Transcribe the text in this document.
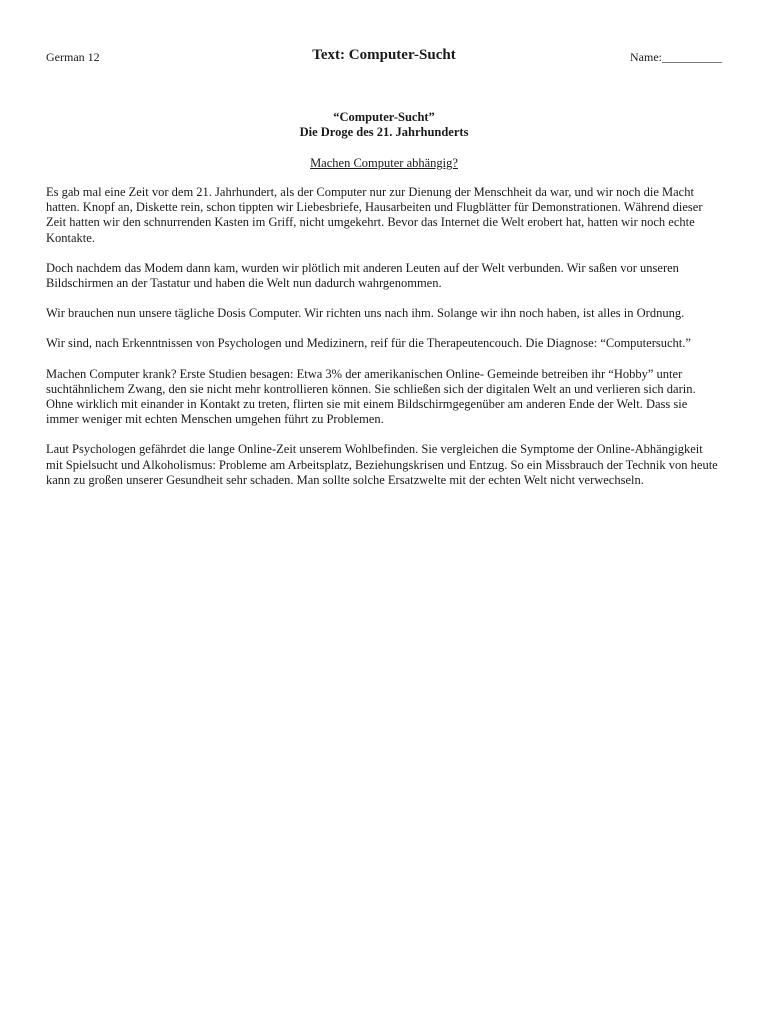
German 12	Text: Computer-Sucht	Name:__________
“Computer-Sucht”
Die Droge des 21. Jahrhunderts
Machen Computer abhängig?

Es gab mal eine Zeit vor dem 21. Jahrhundert, als der Computer nur zur Dienung der Menschheit da war, und wir noch die Macht hatten. Knopf an, Diskette rein, schon tippten wir Liebesbriefe, Hausarbeiten und Flugblätter für Demonstrationen. Während dieser Zeit hatten wir den schnurrenden Kasten im Griff, nicht umgekehrt. Bevor das Internet die Welt erobert hat, hatten wir noch echte Kontakte.

Doch nachdem das Modem dann kam, wurden wir plötlich mit anderen Leuten auf der Welt verbunden. Wir saßen vor unseren Bildschirmen an der Tastatur und haben die Welt nun dadurch wahrgenommen.

Wir brauchen nun unsere tägliche Dosis Computer. Wir richten uns nach ihm. Solange wir ihn noch haben, ist alles in Ordnung.

Wir sind, nach Erkenntnissen von Psychologen und Medizinern, reif für die Therapeutencouch. Die Diagnose: “Computersucht.”

Machen Computer krank? Erste Studien besagen: Etwa 3% der amerikanischen Online- Gemeinde betreiben ihr “Hobby” unter suchtähnlichem Zwang, den sie nicht mehr kontrollieren können. Sie schließen sich der digitalen Welt an und verlieren sich darin. Ohne wirklich mit einander in Kontakt zu treten, flirten sie mit einem Bildschirmgegenüber am anderen Ende der Welt. Dass sie immer weniger mit echten Menschen umgehen führt zu Problemen.

Laut Psychologen gefährdet die lange Online-Zeit unserem Wohlbefinden. Sie vergleichen die Symptome der Online-Abhängigkeit mit Spielsucht und Alkoholismus: Probleme am Arbeitsplatz, Beziehungskrisen und Entzug. So ein Missbrauch der Technik von heute kann zu großen unserer Gesundheit sehr schaden. Man sollte solche Ersatzwelte mit der echten Welt nicht verwechseln.
